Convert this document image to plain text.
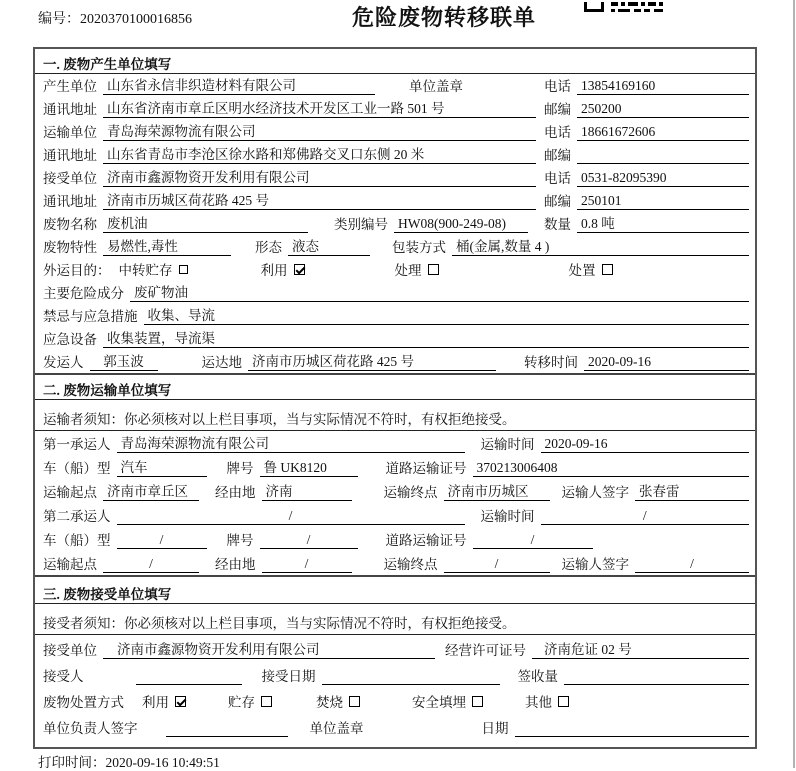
编号：2020370100016856	危险废物转移联单
一. 废物产生单位填写
产生单位 山东省永信非织造材料有限公司	单位盖章	电话 13854169160
通讯地址 山东省济南市章丘区明水经济技术开发区工业一路 501 号	邮编 250200
运输单位 青岛海荣源物流有限公司	电话 18661672606
通讯地址 山东省青岛市李沧区徐水路和郑佛路交叉口东侧 20 米	邮编
接受单位 济南市鑫源物资开发利用有限公司	电话 0531-82095390
通讯地址 济南市历城区荷花路 425 号	邮编 250101
废物名称 废机油	类别编号 HW08(900-249-08)	数量 0.8 吨
废物特性 易燃性,毒性	形态 液态	包装方式 桶(金属,数量 4 )
外运目的： 中转贮存	利用	处理	处置
主要危险成分 废矿物油
禁忌与应急措施 收集、导流
应急设备 收集装置，导流渠
发运人	郭玉波	运达地 济南市历城区荷花路 425 号	转移时间 2020-09-16
二. 废物运输单位填写
运输者须知：你必须核对以上栏目事项，当与实际情况不符时，有权拒绝接受。
第一承运人 青岛海荣源物流有限公司	运输时间 2020-09-16
车（船）型 汽车	牌号 鲁 UK8120	道路运输证号 370213006408
运输起点 济南市章丘区	经由地 济南	运输终点 济南市历城区	运输人签字 张春雷
第二承运人	/	运输时间	/
车（船）型	/	牌号	/	道路运输证号	/
运输起点	/	经由地	/	运输终点	/	运输人签字	/
三. 废物接受单位填写
接受者须知：你必须核对以上栏目事项，当与实际情况不符时，有权拒绝接受。
接受单位	济南市鑫源物资开发利用有限公司	经营许可证号	济南危证 02 号
接受人	接受日期	签收量
废物处置方式 利用	贮存	焚烧	安全填埋	其他
单位负责人签字	单位盖章	日期
打印时间：2020-09-16 10:49:51
